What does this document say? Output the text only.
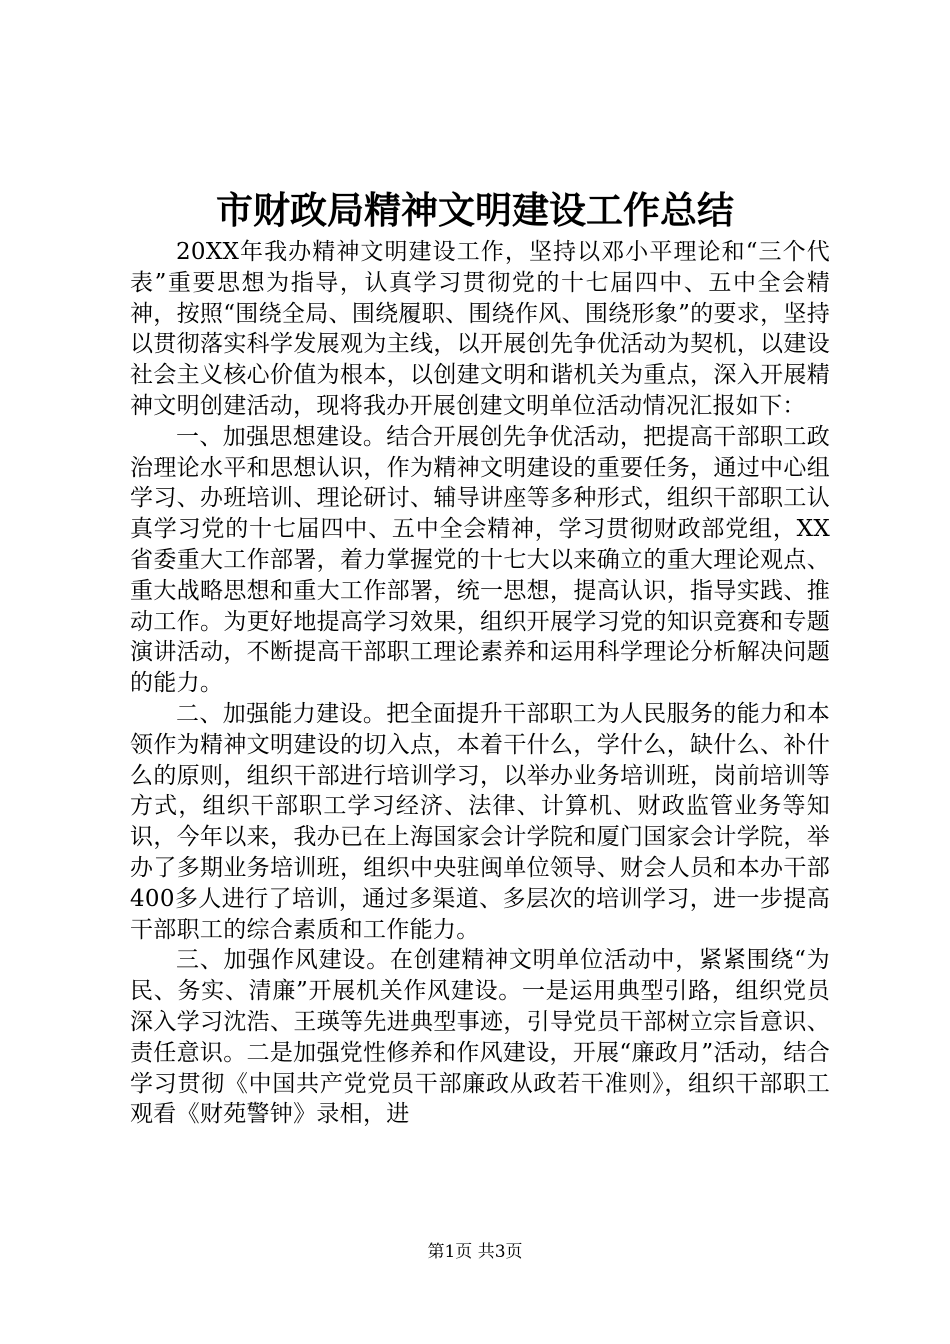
市财政局精神文明建设工作总结

20XX年我办精神文明建设工作，坚持以邓小平理论和“三个代表”重要思想为指导，认真学习贯彻党的十七届四中、五中全会精神，按照“围绕全局、围绕履职、围绕作风、围绕形象”的要求，坚持以贯彻落实科学发展观为主线，以开展创先争优活动为契机，以建设社会主义核心价值为根本，以创建文明和谐机关为重点，深入开展精神文明创建活动，现将我办开展创建文明单位活动情况汇报如下：

一、加强思想建设。结合开展创先争优活动，把提高干部职工政治理论水平和思想认识，作为精神文明建设的重要任务，通过中心组学习、办班培训、理论研讨、辅导讲座等多种形式，组织干部职工认真学习党的十七届四中、五中全会精神，学习贯彻财政部党组，XX省委重大工作部署，着力掌握党的十七大以来确立的重大理论观点、重大战略思想和重大工作部署，统一思想，提高认识，指导实践、推动工作。为更好地提高学习效果，组织开展学习党的知识竞赛和专题演讲活动，不断提高干部职工理论素养和运用科学理论分析解决问题的能力。

二、加强能力建设。把全面提升干部职工为人民服务的能力和本领作为精神文明建设的切入点，本着干什么，学什么，缺什么、补什么的原则，组织干部进行培训学习，以举办业务培训班，岗前培训等方式，组织干部职工学习经济、法律、计算机、财政监管业务等知识，今年以来，我办已在上海国家会计学院和厦门国家会计学院，举办了多期业务培训班，组织中央驻闽单位领导、财会人员和本办干部400多人进行了培训，通过多渠道、多层次的培训学习，进一步提高干部职工的综合素质和工作能力。

三、加强作风建设。在创建精神文明单位活动中，紧紧围绕“为民、务实、清廉”开展机关作风建设。一是运用典型引路，组织党员深入学习沈浩、王瑛等先进典型事迹，引导党员干部树立宗旨意识、责任意识。二是加强党性修养和作风建设，开展“廉政月”活动，结合学习贯彻《中国共产党党员干部廉政从政若干准则》，组织干部职工观看《财苑警钟》录相，进

第1页 共3页
